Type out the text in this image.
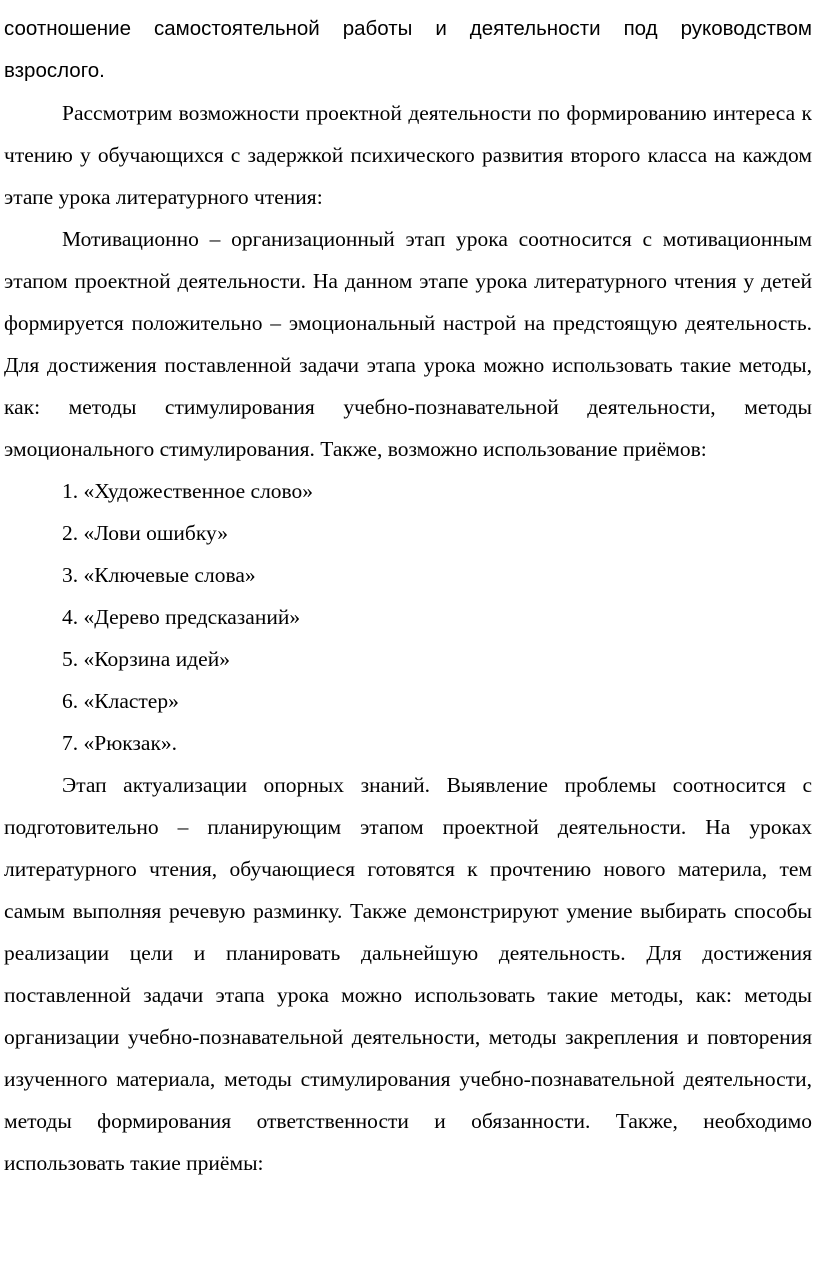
соотношение самостоятельной работы и деятельности под руководством

взрослого.

Рассмотрим возможности проектной деятельности по формированию интереса к чтению у обучающихся с задержкой психического развития второго класса на каждом этапе урока литературного чтения:

Мотивационно – организационный этап урока соотносится с мотивационным этапом проектной деятельности. На данном этапе урока литературного чтения у детей формируется положительно – эмоциональный настрой на предстоящую деятельность. Для достижения поставленной задачи этапа урока можно использовать такие методы, как: методы стимулирования учебно-познавательной деятельности, методы эмоционального стимулирования. Также, возможно использование приёмов:

1. «Художественное слово»
2. «Лови ошибку»
3. «Ключевые слова»
4. «Дерево предсказаний»
5. «Корзина идей»
6. «Кластер»
7. «Рюкзак».

Этап актуализации опорных знаний. Выявление проблемы соотносится с подготовительно – планирующим этапом проектной деятельности. На уроках литературного чтения, обучающиеся готовятся к прочтению нового материла, тем самым выполняя речевую разминку. Также демонстрируют умение выбирать способы реализации цели и планировать дальнейшую деятельность. Для достижения поставленной задачи этапа урока можно использовать такие методы, как: методы организации учебно-познавательной деятельности, методы закрепления и повторения изученного материала, методы стимулирования учебно-познавательной деятельности, методы формирования ответственности и обязанности. Также, необходимо использовать такие приёмы:
